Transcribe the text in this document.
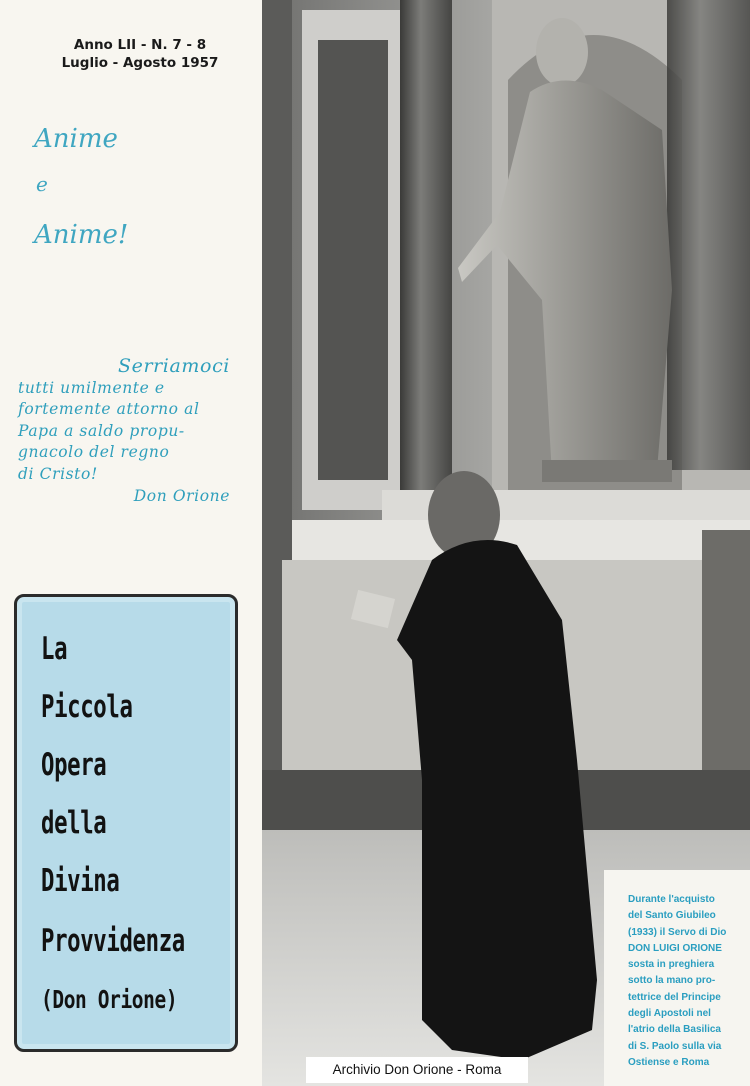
Anno LII - N. 7 - 8
Luglio - Agosto 1957
Anime
e
Anime!
Serriamoci
tutti umilmente e
fortemente attorno al
Papa a saldo propu-
gnacolo del regno
di Cristo!
Don Orione
La
Piccola
Opera
della
Divina
Provvidenza
(Don Orione)
Durante l'acquisto
del Santo Giubileo
(1933) il Servo di Dio
DON LUIGI ORIONE
sosta in preghiera
sotto la mano pro-
tettrice del Principe
degli Apostoli nel
l'atrio della Basilica
di S. Paolo sulla via
Ostiense e Roma
Archivio Don Orione - Roma
